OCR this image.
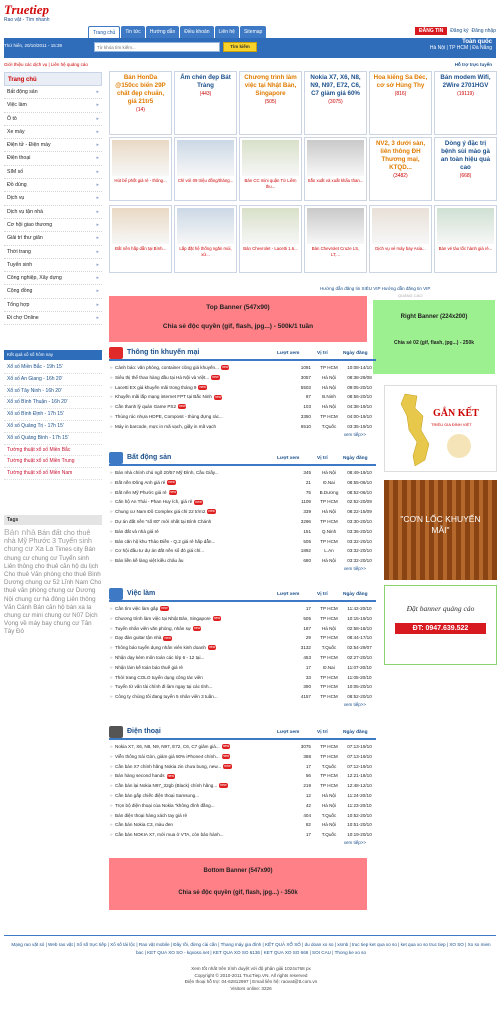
Truetiep
Rao vặt - Tìm nhanh
Trang chủ	Tin tức	Hướng dẫn	Điều khoản	Liên hệ	Sitemap	ĐĂNG TIN	Đăng ký Đăng nhập
Thứ hiển, 20/10/2011 - 15:39
Từ khóa tìm kiếm...	Tìm kiếm
Toàn quốc
Hà Nội | TP HCM | Đà Nẵng
Giới thiệu các dịch vụ | Liên hệ quảng cáo	Hỗ trợ trực tuyến
Trang chủ
Bất động sản ▸
Việc làm ▸
Ô tô ▸
Xe máy ▸
Điện tử - Điện máy ▸
Điện thoại ▸
SIM số ▸
Đồ dùng ▸
Dịch vụ ▸
Dịch vụ tận nhà ▸
Cơ hội giao thương ▸
Giải trí thư giãn ▸
Thời trang ▸
Tuyển sinh ▸
Công nghiệp, Xây dựng ▸
Cộng đồng ▸
Tổng hợp ▸
Đi chợ Online ▸
Kết quả xổ số hôm nay
Xổ số Miền Bắc - 19h 15'
Xổ số An Giang - 16h 20'
Xổ số Tây Ninh - 16h 20'
Xổ số Bình Thuận - 16h 20'
Xổ số Bình Định - 17h 15'
Xổ số Quảng Trị - 17h 15'
Xổ số Quảng Bình - 17h 15'
Tường thuật xổ số Miền Bắc
Tường thuật xổ số Miền Trung
Tường thuật xổ số Miền Nam
Tags
Bán nhà Bán đất cho thuê nhà Mỹ Phước 3 Tuyển sinh chung cư Xa La Times city Bán chung cư chung cư Tuyển sinh Liên thông cho thuê căn hộ du lịch Cho thuê Văn phòng cho thuê Bình Dương chung cư 52 Lĩnh Nam Cho thuê văn phòng chung cư Dương Nội chung cư hà đông Liên thông Văn Cánh Bán căn hộ bán xa la chung cư mini chung cư N07 Dịch Vọng về máy bay chung cư Tân Tây Đô
Bán HonDa @150cc biển 29P chất đẹp chuẩn, giá 21tr5
(14)
Ấm chén đẹp Bát Tràng
(443)
Chương trình làm việc tại Nhật Bản, Singapore
(505)
Nokia X7, X6, N8, N9, N97, E72, C6, C7 giảm giá 60%
(3075)
Hoa kiểng Sa Đéc, cơ sở Hùng Thy
(816)
Bán modem Wifi, 2Wire 2701HGV
(19119)
Hút bể phốt giá rẻ - thông...	Chỉ với 09 triệu đồng/tháng...	Bán CC mini quận Từ Liêm thu...
Sẵn xuất và xuất khẩu than...
NV2, 3 dưới sàn, liên thông ĐH Thương mại, KTQD...
(3482)
Dòng ý đặc trị bệnh sùi mào gà an toàn hiệu quả cao
(668)
Đất nền hấp dẫn tại Bình...	Lắp đặt hệ thống ngăn mùi, xử...
Bán Chevrolet - Lacetti 1.6...	Bán Chevrolet Cruze LS, LT,...
Dịch vụ vé máy bay Asia...	Bán vé tàu tốc hành giá rẻ...
Hướng dẫn đăng tin SIÊU VIP Hướng dẫn đăng tin VIP
QUẢNG CÁO
Top Banner (547x90)
Chia sẻ độc quyền (gif, flash, jpg...) - 500k/1 tuần
Right Banner (224x200)
Chia sẻ 02 (gif, flash, jpg...) - 250k
GẮN KẾT
TRIỆU GIA ĐÌNH VIỆT
"CƠN LỐC KHUYẾN MÃI"
Đặt banner quảng cáo
ĐT: 0947.639.522
Thông tin khuyến mại	Lượt xem	Vị trí	Ngày đăng
» Cảnh báo: văn phòng, container cũng giá khuyến... new	1091	TP HCM	10:08-14/10
» Siêu thị thể thao hàng đầu tại Hà Nội và Việt... new	3057	Hà Nội	08:38-29/08
» Lacetti EX giá khuyến mãi trong tháng 9 new	5503	Hà Nội	09:05-20/10
» Khuyến mãi lắp mạng internet FPT tại Bắc Ninh new	87	B.Ninh	08:56-20/10
» Cần thanh lý quán Game PS2 new	103	Hà Nội	04:38-19/10
» Thùng rác nhựa HDPE, Composit - thùng đựng rác...	3350	TP HCM	04:00-19/10
» Máy in barcode, mực in mã vạch, giấy in mã vạch	6510	T.Quốc	03:35-19/10
xem tiếp>>
Bất động sản	Lượt xem	Vị trí	Ngày đăng
» Bán nhà chính chủ ngõ 20/57 Mỹ Đình, Cầu Giấy...	345	Hà Nội	08:49-19/10
» Đất nền Đông Anh giá rẻ new	21	Đ.Nai	08:55-06/10
» Đất nền Mỹ Phước giá rẻ new	75	B.Dương	08:52-06/10
» Căn hộ An Thái - Phan Huy Ích, giá rẻ new	1109	TP HCM	02:52-20/09
» Chung cư Nam Đô Complex giá chỉ 22 tr/m2 new	339	Hà Nội	08:22-15/09
» Dự án đất nền "số 80" mới nhất tại Bình Chánh	3296	TP HCM	03:30-20/10
» Bán đất và nhà giá rẻ	151	Q.Ninh	03:36-20/10
» Bán căn hộ khu Thảo Điền - Q.2 giá rẻ hấp dẫn...	505	TP HCM	03:32-20/10
» Cơ hội đầu tư dự án đất nền sổ đỏ giá chỉ...	1892	L.An	03:32-20/10
» Bán liền kề làng việt kiều châu âu	680	Hà Nội	03:32-20/10
xem tiếp>>
Việc làm	Lượt xem	Vị trí	Ngày đăng
» Cần tìm việc làm gấp new	17	TP HCM	11:42-20/10
» Chương trình làm việc tại Nhật Bản, Singapore new	505	TP HCM	10:15-19/10
» Tuyển nhân viên văn phòng, nhân sự new	187	Hà Nội	02:58-18/10
» Dạy đàn guitar tận nhà new	29	TP HCM	08:44-17/10
» Thông báo tuyển dụng nhân viên kinh doanh new	3132	T.Quốc	02:54-29/07
» Nhận dạy kèm môn toán các lớp 6 - 12 tại...	453	TP HCM	02:27-20/10
» Nhận làm kế toán báo thuế giá rẻ	17	Đ.Nai	11:07-20/10
» Thời trang COLO tuyển dụng công tác viên	33	TP HCM	11:05-20/10
» Tuyển từ vấn tài chính đi làm ngay tại các tỉnh...	390	TP HCM	10:05-20/10
» Công ty chúng tôi đang tuyển 5 nhân viên 3 tuần...	4157	TP HCM	08:52-20/10
xem tiếp>>
Điện thoại	Lượt xem	Vị trí	Ngày đăng
» Nokia X7, X6, N8, N9, N97, E72, C6, C7 giảm giá... new	3075	TP HCM	07:13-19/10
» Viễn thông Sài Gòn, giảm giá 80% iPhone4 chính... new	388	TP HCM	07:13-19/10
» Cần bán X7 chính hãng Nokia zin chưa bung, new... new	17	T.Quốc	07:12-19/10
» Bán hàng second hands new	56	TP HCM	12:21-18/10
» Cần bán lại Nokia N97_32gb (Black) chính hãng... new	219	TP HCM	12:48-12/10
» Cần bán gấp chiếc điện thoại Samsung...	12	Hà Nội	11:24-20/10
» Trọn bộ điện thoại của Nokia "không đình đằng...	42	Hà Nội	11:23-20/10
» Bán điện thoại hàng xách tay giá rẻ	404	T.Quốc	10:52-20/10
» Cần bán Nokia C3, màu đen	82	Hà Nội	10:51-20/10
» Cần bán NOKIA X7, mới mua ở VTA, còn bảo hành...	17	T.Quốc	10:19-20/10
xem tiếp>>
Bottom Banner (547x90)
Chia sẻ độc quyền (gif, flash, jpg...) - 350k
Mạng rao vặt só | Web rao vặt | Xổ số trực tiếp | Xổ số tài lộc | Rao vặt mobile | Đây rồi, đừng cài cần | Thang máy gia đình | KẾT QUẢ XỔ SỐ | du doan xo so | xsmb | truc tiep ket qua xo so | ket qua xo so truc tiep | XO SO | Xo so mien bac | KET QUA XO SO - kqxoso.net | KET QUA XO SO 6136 | KET QUA XO SO 666 | SOI CAU | Thong ke xo so
Xem tốt nhất trên trình duyệt với độ phân giải 1024x768 px
Copyright © 2010-2011 TrucTiep.VN. All rights reserved
Điện thoại hỗ trợ: 04-62812997 | Email liên hệ: raovat@tt.com.vn
Visitors online: 3226
